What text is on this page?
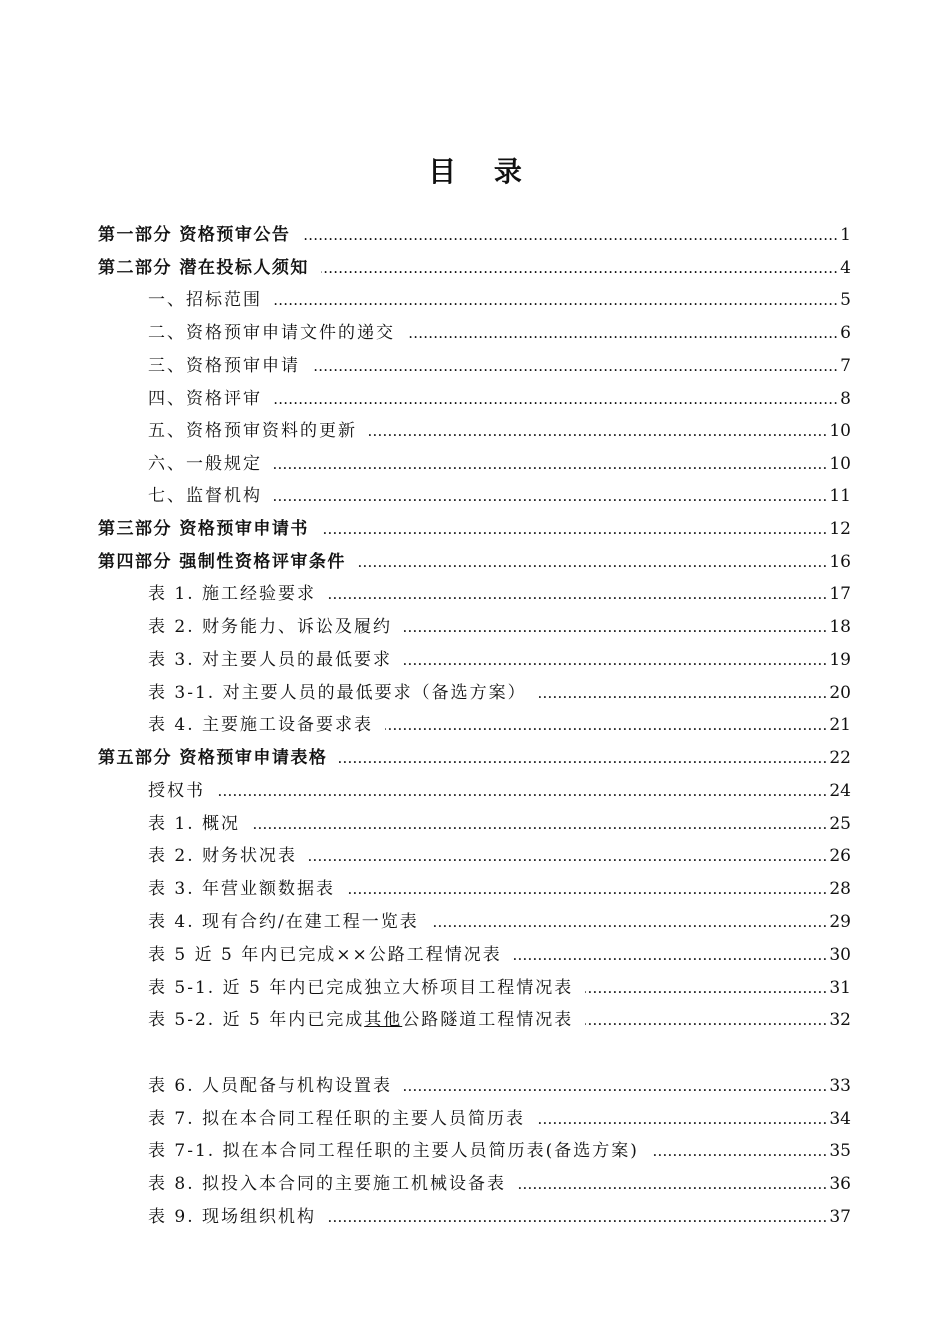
目 录
第一部分 资格预审公告 ……………………………………………………………………………………………………………………………………………………	1
第二部分 潜在投标人须知 ……………………………………………………………………………………………………………………………………………………	4
一、招标范围 ……………………………………………………………………………………………………………………………………………………	5
二、资格预审申请文件的递交 ……………………………………………………………………………………………………………………………………………………	6
三、资格预审申请 ……………………………………………………………………………………………………………………………………………………	7
四、资格评审 ……………………………………………………………………………………………………………………………………………………	8
五、资格预审资料的更新 ……………………………………………………………………………………………………………………………………………………	10
六、一般规定 ……………………………………………………………………………………………………………………………………………………	10
七、监督机构 ……………………………………………………………………………………………………………………………………………………	11
第三部分 资格预审申请书 ……………………………………………………………………………………………………………………………………………………	12
第四部分 强制性资格评审条件 ……………………………………………………………………………………………………………………………………………………	16
表 1. 施工经验要求 ……………………………………………………………………………………………………………………………………………………	17
表 2. 财务能力、诉讼及履约 ……………………………………………………………………………………………………………………………………………………	18
表 3. 对主要人员的最低要求 ……………………………………………………………………………………………………………………………………………………	19
表 3-1. 对主要人员的最低要求（备选方案） ……………………………………………………………………………………………………………………………………………………	20
表 4. 主要施工设备要求表 ……………………………………………………………………………………………………………………………………………………	21
第五部分 资格预审申请表格 ……………………………………………………………………………………………………………………………………………………	22
授权书 ……………………………………………………………………………………………………………………………………………………	24
表 1. 概况 ……………………………………………………………………………………………………………………………………………………	25
表 2. 财务状况表 ……………………………………………………………………………………………………………………………………………………	26
表 3. 年营业额数据表 ……………………………………………………………………………………………………………………………………………………	28
表 4. 现有合约/在建工程一览表 ……………………………………………………………………………………………………………………………………………………	29
表 5 近 5 年内已完成××公路工程情况表 ……………………………………………………………………………………………………………………………………………………	30
表 5-1. 近 5 年内已完成独立大桥项目工程情况表 ……………………………………………………………………………………………………………………………………………………	31
表 5-2. 近 5 年内已完成其他公路隧道工程情况表 ……………………………………………………………………………………………………………………………………………………	32
表 6. 人员配备与机构设置表 ……………………………………………………………………………………………………………………………………………………	33
表 7. 拟在本合同工程任职的主要人员简历表 ……………………………………………………………………………………………………………………………………………………	34
表 7-1. 拟在本合同工程任职的主要人员简历表(备选方案) ……………………………………………………………………………………………………………………………………………………	35
表 8. 拟投入本合同的主要施工机械设备表 ……………………………………………………………………………………………………………………………………………………	36
表 9. 现场组织机构 ……………………………………………………………………………………………………………………………………………………	37
